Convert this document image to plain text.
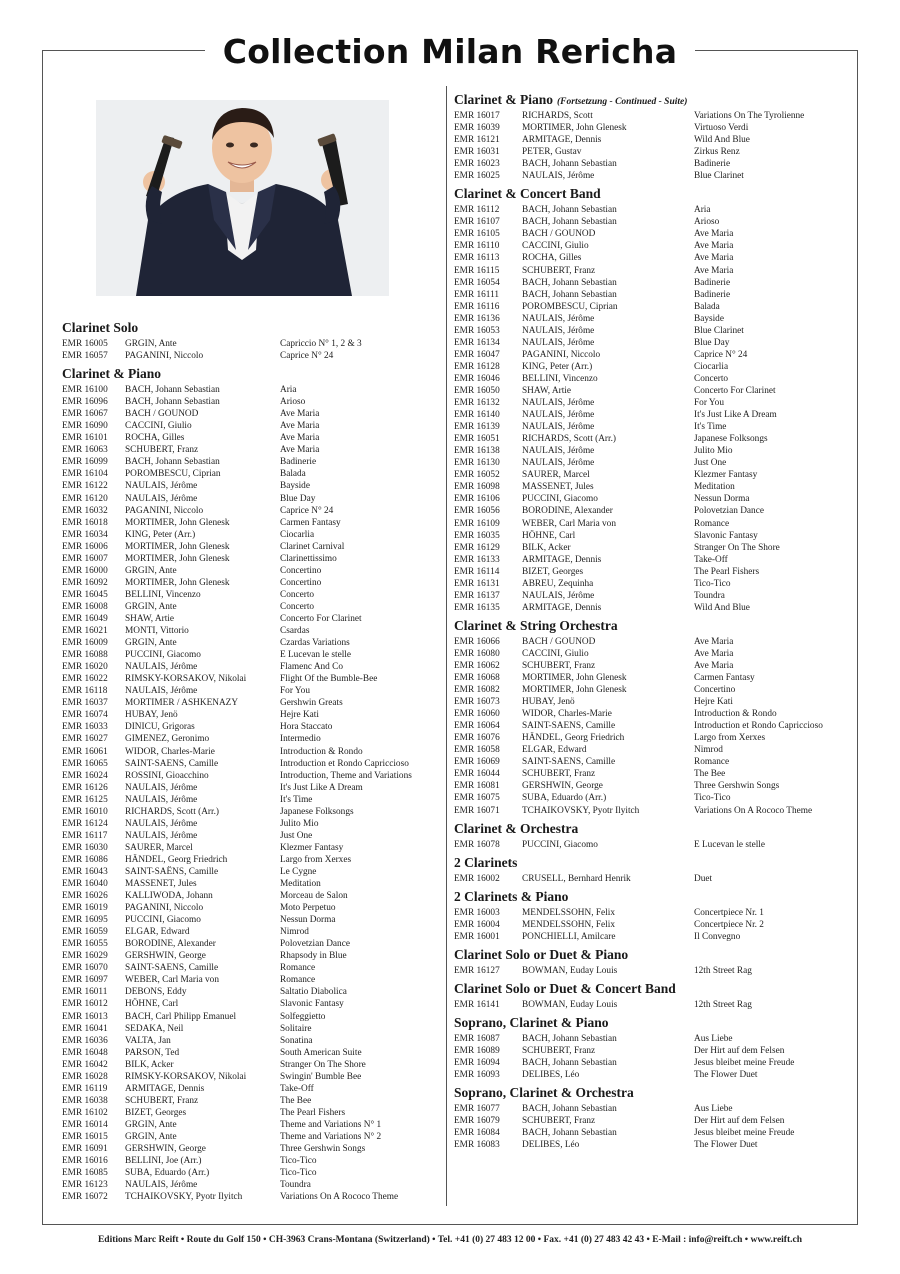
Collection Milan Rericha
Clarinet Solo
EMR 16005	GRGIN, Ante	Capriccio N° 1, 2 & 3
EMR 16057	PAGANINI, Niccolo	Caprice N° 24
Clarinet & Piano
EMR 16100	BACH, Johann Sebastian	Aria
EMR 16096	BACH, Johann Sebastian	Arioso
EMR 16067	BACH / GOUNOD	Ave Maria
EMR 16090	CACCINI, Giulio	Ave Maria
EMR 16101	ROCHA, Gilles	Ave Maria
EMR 16063	SCHUBERT, Franz	Ave Maria
EMR 16099	BACH, Johann Sebastian	Badinerie
EMR 16104	POROMBESCU, Ciprian	Balada
EMR 16122	NAULAIS, Jérôme	Bayside
EMR 16120	NAULAIS, Jérôme	Blue Day
EMR 16032	PAGANINI, Niccolo	Caprice N° 24
EMR 16018	MORTIMER, John Glenesk	Carmen Fantasy
EMR 16034	KING, Peter (Arr.)	Ciocarlia
EMR 16006	MORTIMER, John Glenesk	Clarinet Carnival
EMR 16007	MORTIMER, John Glenesk	Clarinettissimo
EMR 16000	GRGIN, Ante	Concertino
EMR 16092	MORTIMER, John Glenesk	Concertino
EMR 16045	BELLINI, Vincenzo	Concerto
EMR 16008	GRGIN, Ante	Concerto
EMR 16049	SHAW, Artie	Concerto For Clarinet
EMR 16021	MONTI, Vittorio	Csardas
EMR 16009	GRGIN, Ante	Czardas Variations
EMR 16088	PUCCINI, Giacomo	E Lucevan le stelle
EMR 16020	NAULAIS, Jérôme	Flamenc And Co
EMR 16022	RIMSKY-KORSAKOV, Nikolai	Flight Of the Bumble-Bee
EMR 16118	NAULAIS, Jérôme	For You
EMR 16037	MORTIMER / ASHKENAZY	Gershwin Greats
EMR 16074	HUBAY, Jenö	Hejre Kati
EMR 16033	DINICU, Grigoras	Hora Staccato
EMR 16027	GIMENEZ, Geronimo	Intermedio
EMR 16061	WIDOR, Charles-Marie	Introduction & Rondo
EMR 16065	SAINT-SAENS, Camille	Introduction et Rondo Capriccioso
EMR 16024	ROSSINI, Gioacchino	Introduction, Theme and Variations
EMR 16126	NAULAIS, Jérôme	It's Just Like A Dream
EMR 16125	NAULAIS, Jérôme	It's Time
EMR 16010	RICHARDS, Scott (Arr.)	Japanese Folksongs
EMR 16124	NAULAIS, Jérôme	Julito Mio
EMR 16117	NAULAIS, Jérôme	Just One
EMR 16030	SAURER, Marcel	Klezmer Fantasy
EMR 16086	HÄNDEL, Georg Friedrich	Largo from Xerxes
EMR 16043	SAINT-SAËNS, Camille	Le Cygne
EMR 16040	MASSENET, Jules	Meditation
EMR 16026	KALLIWODA, Johann	Morceau de Salon
EMR 16019	PAGANINI, Niccolo	Moto Perpetuo
EMR 16095	PUCCINI, Giacomo	Nessun Dorma
EMR 16059	ELGAR, Edward	Nimrod
EMR 16055	BORODINE, Alexander	Polovetzian Dance
EMR 16029	GERSHWIN, George	Rhapsody in Blue
EMR 16070	SAINT-SAENS, Camille	Romance
EMR 16097	WEBER, Carl Maria von	Romance
EMR 16011	DEBONS, Eddy	Saltatio Diabolica
EMR 16012	HÖHNE, Carl	Slavonic Fantasy
EMR 16013	BACH, Carl Philipp Emanuel	Solfeggietto
EMR 16041	SEDAKA, Neil	Solitaire
EMR 16036	VALTA, Jan	Sonatina
EMR 16048	PARSON, Ted	South American Suite
EMR 16042	BILK, Acker	Stranger On The Shore
EMR 16028	RIMSKY-KORSAKOV, Nikolai	Swingin' Bumble Bee
EMR 16119	ARMITAGE, Dennis	Take-Off
EMR 16038	SCHUBERT, Franz	The Bee
EMR 16102	BIZET, Georges	The Pearl Fishers
EMR 16014	GRGIN, Ante	Theme and Variations N° 1
EMR 16015	GRGIN, Ante	Theme and Variations N° 2
EMR 16091	GERSHWIN, George	Three Gershwin Songs
EMR 16016	BELLINI, Joe (Arr.)	Tico-Tico
EMR 16085	SUBA, Eduardo (Arr.)	Tico-Tico
EMR 16123	NAULAIS, Jérôme	Toundra
EMR 16072	TCHAIKOVSKY, Pyotr Ilyitch	Variations On A Rococo Theme
Clarinet & Piano (Fortsetzung - Continued - Suite)
EMR 16017	RICHARDS, Scott	Variations On The Tyrolienne
EMR 16039	MORTIMER, John Glenesk	Virtuoso Verdi
EMR 16121	ARMITAGE, Dennis	Wild And Blue
EMR 16031	PETER, Gustav	Zirkus Renz
EMR 16023	BACH, Johann Sebastian	Badinerie
EMR 16025	NAULAIS, Jérôme	Blue Clarinet
Clarinet & Concert Band
EMR 16112	BACH, Johann Sebastian	Aria
EMR 16107	BACH, Johann Sebastian	Arioso
EMR 16105	BACH / GOUNOD	Ave Maria
EMR 16110	CACCINI, Giulio	Ave Maria
EMR 16113	ROCHA, Gilles	Ave Maria
EMR 16115	SCHUBERT, Franz	Ave Maria
EMR 16054	BACH, Johann Sebastian	Badinerie
EMR 16111	BACH, Johann Sebastian	Badinerie
EMR 16116	POROMBESCU, Ciprian	Balada
EMR 16136	NAULAIS, Jérôme	Bayside
EMR 16053	NAULAIS, Jérôme	Blue Clarinet
EMR 16134	NAULAIS, Jérôme	Blue Day
EMR 16047	PAGANINI, Niccolo	Caprice N° 24
EMR 16128	KING, Peter (Arr.)	Ciocarlia
EMR 16046	BELLINI, Vincenzo	Concerto
EMR 16050	SHAW, Artie	Concerto For Clarinet
EMR 16132	NAULAIS, Jérôme	For You
EMR 16140	NAULAIS, Jérôme	It's Just Like A Dream
EMR 16139	NAULAIS, Jérôme	It's Time
EMR 16051	RICHARDS, Scott (Arr.)	Japanese Folksongs
EMR 16138	NAULAIS, Jérôme	Julito Mio
EMR 16130	NAULAIS, Jérôme	Just One
EMR 16052	SAURER, Marcel	Klezmer Fantasy
EMR 16098	MASSENET, Jules	Meditation
EMR 16106	PUCCINI, Giacomo	Nessun Dorma
EMR 16056	BORODINE, Alexander	Polovetzian Dance
EMR 16109	WEBER, Carl Maria von	Romance
EMR 16035	HÖHNE, Carl	Slavonic Fantasy
EMR 16129	BILK, Acker	Stranger On The Shore
EMR 16133	ARMITAGE, Dennis	Take-Off
EMR 16114	BIZET, Georges	The Pearl Fishers
EMR 16131	ABREU, Zequinha	Tico-Tico
EMR 16137	NAULAIS, Jérôme	Toundra
EMR 16135	ARMITAGE, Dennis	Wild And Blue
Clarinet & String Orchestra
EMR 16066	BACH / GOUNOD	Ave Maria
EMR 16080	CACCINI, Giulio	Ave Maria
EMR 16062	SCHUBERT, Franz	Ave Maria
EMR 16068	MORTIMER, John Glenesk	Carmen Fantasy
EMR 16082	MORTIMER, John Glenesk	Concertino
EMR 16073	HUBAY, Jenö	Hejre Kati
EMR 16060	WIDOR, Charles-Marie	Introduction & Rondo
EMR 16064	SAINT-SAENS, Camille	Introduction et Rondo Capriccioso
EMR 16076	HÄNDEL, Georg Friedrich	Largo from Xerxes
EMR 16058	ELGAR, Edward	Nimrod
EMR 16069	SAINT-SAENS, Camille	Romance
EMR 16044	SCHUBERT, Franz	The Bee
EMR 16081	GERSHWIN, George	Three Gershwin Songs
EMR 16075	SUBA, Eduardo (Arr.)	Tico-Tico
EMR 16071	TCHAIKOVSKY, Pyotr Ilyitch	Variations On A Rococo Theme
Clarinet & Orchestra
EMR 16078	PUCCINI, Giacomo	E Lucevan le stelle
2 Clarinets
EMR 16002	CRUSELL, Bernhard Henrik	Duet
2 Clarinets & Piano
EMR 16003	MENDELSSOHN, Felix	Concertpiece Nr. 1
EMR 16004	MENDELSSOHN, Felix	Concertpiece Nr. 2
EMR 16001	PONCHIELLI, Amilcare	Il Convegno
Clarinet Solo or Duet & Piano
EMR 16127	BOWMAN, Euday Louis	12th Street Rag
Clarinet Solo or Duet & Concert Band
EMR 16141	BOWMAN, Euday Louis	12th Street Rag
Soprano, Clarinet & Piano
EMR 16087	BACH, Johann Sebastian	Aus Liebe
EMR 16089	SCHUBERT, Franz	Der Hirt auf dem Felsen
EMR 16094	BACH, Johann Sebastian	Jesus bleibet meine Freude
EMR 16093	DELIBES, Léo	The Flower Duet
Soprano, Clarinet & Orchestra
EMR 16077	BACH, Johann Sebastian	Aus Liebe
EMR 16079	SCHUBERT, Franz	Der Hirt auf dem Felsen
EMR 16084	BACH, Johann Sebastian	Jesus bleibet meine Freude
EMR 16083	DELIBES, Léo	The Flower Duet
Editions Marc Reift • Route du Golf 150 • CH-3963 Crans-Montana (Switzerland) • Tel. +41 (0) 27 483 12 00 • Fax. +41 (0) 27 483 42 43 • E-Mail : info@reift.ch • www.reift.ch
